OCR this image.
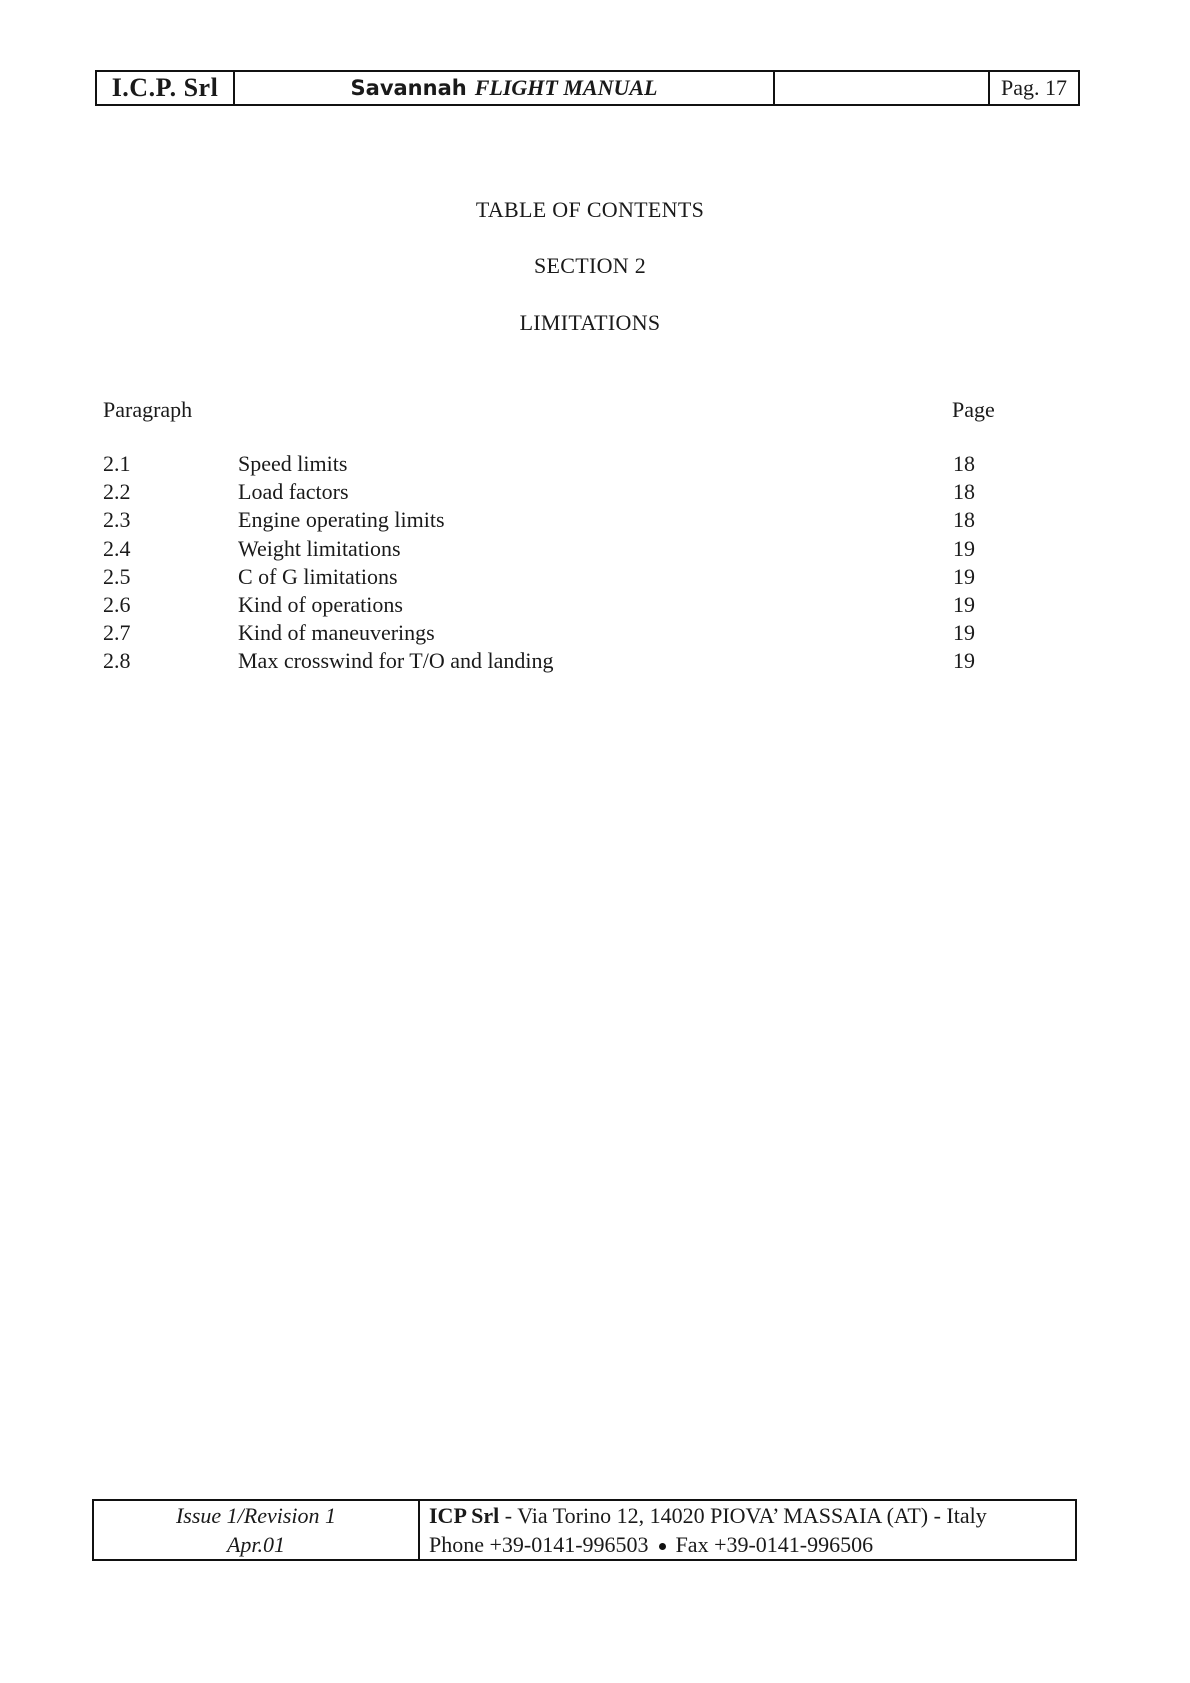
I.C.P. Srl	Savannah FLIGHT MANUAL	Pag. 17
TABLE OF CONTENTS
SECTION 2
LIMITATIONS
Paragraph	Page
2.1	Speed limits	18
2.2	Load factors	18
2.3	Engine operating limits	18
2.4	Weight limitations	19
2.5	C of G limitations	19
2.6	Kind of operations	19
2.7	Kind of maneuverings	19
2.8	Max crosswind for T/O and landing	19
Issue 1/Revision 1
Apr.01
ICP Srl - Via Torino 12, 14020 PIOVA’ MASSAIA (AT) - Italy
Phone +39-0141-996503 Fax +39-0141-996506
